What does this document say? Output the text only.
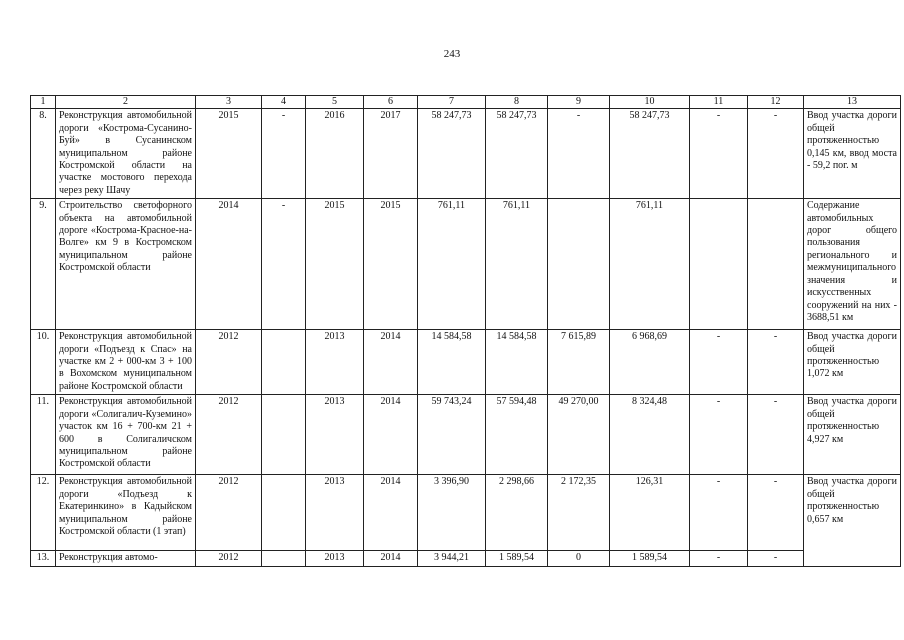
243
1	2	3	4	5	6	7	8	9	10	11	12	13
8.	Реконструкция автомобильной дороги «Кострома-Сусанино-Буй» в Сусанинском муниципальном районе Костромской области на участке мостового перехода через реку Шачу	2015	-	2016	2017	58 247,73	58 247,73	-	58 247,73	-	-	Ввод участка дороги общей протяженностью 0,145 км, ввод моста - 59,2 пог. м
9.	Строительство светофорного объекта на автомобильной дороге «Кострома-Красное-на-Волге» км 9 в Костромском муниципальном районе Костромской области	2014	-	2015	2015	761,11	761,11		761,11			Содержание автомобильных дорог общего пользования регионального и межмуниципального значения и искусственных сооружений на них - 3688,51 км
10.	Реконструкция автомобильной дороги «Подъезд к Спас» на участке км 2 + 000-км 3 + 100 в Вохомском муниципальном районе Костромской области	2012		2013	2014	14 584,58	14 584,58	7 615,89	6 968,69	-	-	Ввод участка дороги общей протяженностью 1,072 км
11.	Реконструкция автомобильной дороги «Солигалич-Куземино» участок км 16 + 700-км 21 + 600 в Солигаличском муниципальном районе Костромской области	2012		2013	2014	59 743,24	57 594,48	49 270,00	8 324,48	-	-	Ввод участка дороги общей протяженностью 4,927 км
12.	Реконструкция автомобильной дороги «Подъезд к Екатеринкино» в Кадыйском муниципальном районе Костромской области (1 этап)	2012		2013	2014	3 396,90	2 298,66	2 172,35	126,31	-	-	Ввод участка дороги общей протяженностью 0,657 км
13.	Реконструкция автомо-	2012		2013	2014	3 944,21	1 589,54	0	1 589,54	-	-	
